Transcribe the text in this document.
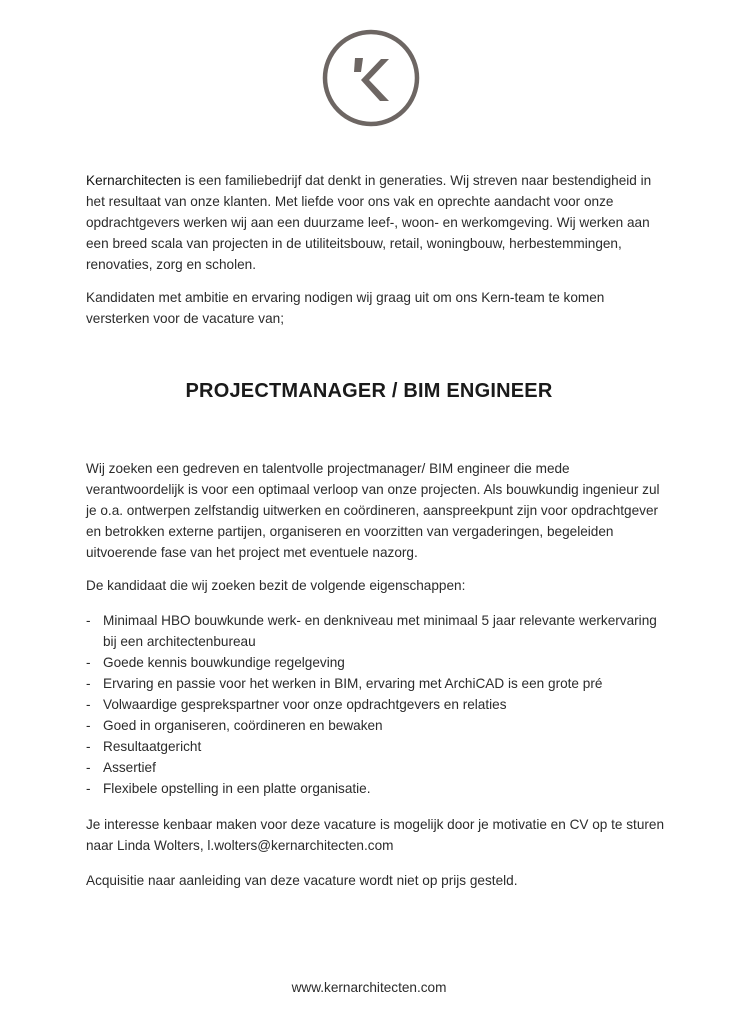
Kernarchitecten is een familiebedrijf dat denkt in generaties. Wij streven naar bestendigheid in het resultaat van onze klanten. Met liefde voor ons vak en oprechte aandacht voor onze opdrachtgevers werken wij aan een duurzame leef-, woon- en werkomgeving. Wij werken aan een breed scala van projecten in de utiliteitsbouw, retail, woningbouw, herbestemmingen, renovaties, zorg en scholen.

Kandidaten met ambitie en ervaring nodigen wij graag uit om ons Kern-team te komen versterken voor de vacature van;

PROJECTMANAGER / BIM ENGINEER

Wij zoeken een gedreven en talentvolle projectmanager/ BIM engineer die mede verantwoordelijk is voor een optimaal verloop van onze projecten. Als bouwkundig ingenieur zul je o.a. ontwerpen zelfstandig uitwerken en coördineren, aanspreekpunt zijn voor opdrachtgever en betrokken externe partijen, organiseren en voorzitten van vergaderingen, begeleiden uitvoerende fase van het project met eventuele nazorg.

De kandidaat die wij zoeken bezit de volgende eigenschappen:

- Minimaal HBO bouwkunde werk- en denkniveau met minimaal 5 jaar relevante werkervaring bij een architectenbureau
- Goede kennis bouwkundige regelgeving
- Ervaring en passie voor het werken in BIM, ervaring met ArchiCAD is een grote pré
- Volwaardige gesprekspartner voor onze opdrachtgevers en relaties
- Goed in organiseren, coördineren en bewaken
- Resultaatgericht
- Assertief
- Flexibele opstelling in een platte organisatie.

Je interesse kenbaar maken voor deze vacature is mogelijk door je motivatie en CV op te sturen naar Linda Wolters, l.wolters@kernarchitecten.com

Acquisitie naar aanleiding van deze vacature wordt niet op prijs gesteld.

www.kernarchitecten.com
